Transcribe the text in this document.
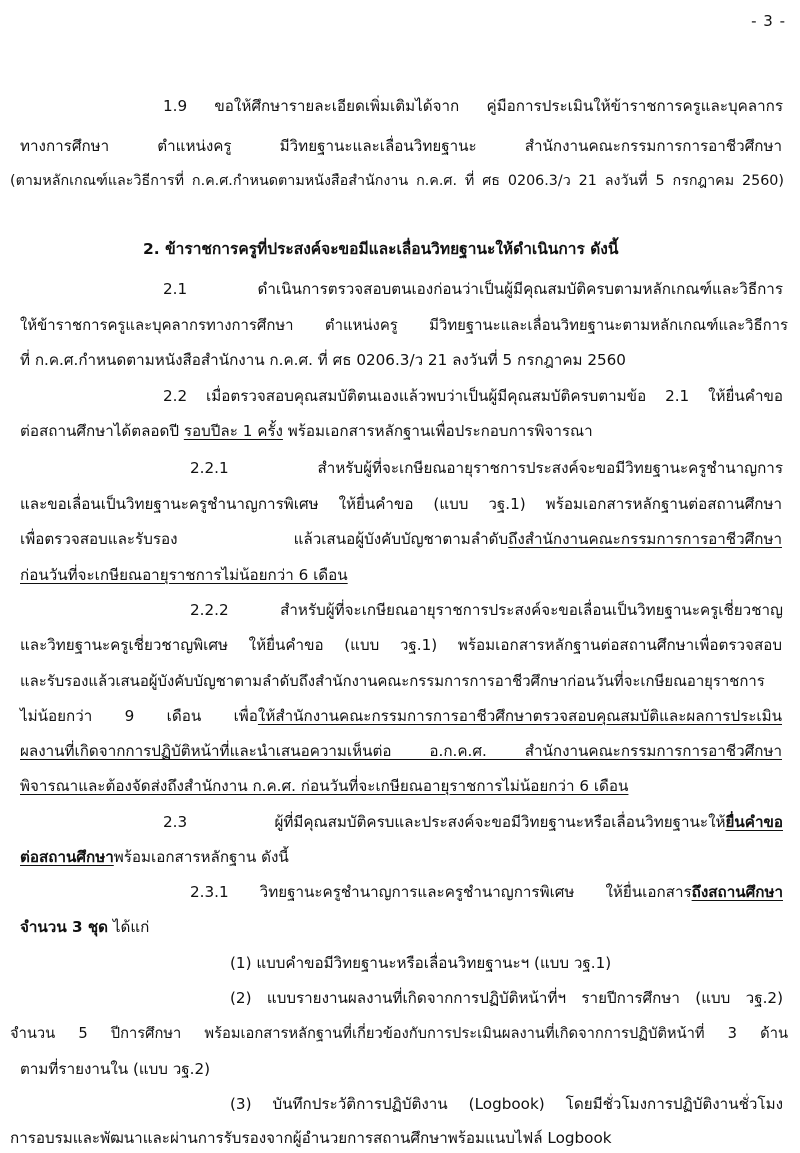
- 3 -
1.9 ขอให้ศึกษารายละเอียดเพิ่มเติมได้จาก คู่มือการประเมินให้ข้าราชการครูและบุคลากร
ทางการศึกษา ตำแหน่งครู มีวิทยฐานะและเลื่อนวิทยฐานะ สำนักงานคณะกรรมการการอาชีวศึกษา
(ตามหลักเกณฑ์และวิธีการที่ ก.ค.ศ.กำหนดตามหนังสือสำนักงาน ก.ค.ศ. ที่ ศธ 0206.3/ว 21 ลงวันที่ 5 กรกฎาคม 2560)
2. ข้าราชการครูที่ประสงค์จะขอมีและเลื่อนวิทยฐานะให้ดำเนินการ ดังนี้
2.1 ดำเนินการตรวจสอบตนเองก่อนว่าเป็นผู้มีคุณสมบัติครบตามหลักเกณฑ์และวิธีการ
ให้ข้าราชการครูและบุคลากรทางการศึกษา ตำแหน่งครู มีวิทยฐานะและเลื่อนวิทยฐานะตามหลักเกณฑ์และวิธีการ
ที่ ก.ค.ศ.กำหนดตามหนังสือสำนักงาน ก.ค.ศ. ที่ ศธ 0206.3/ว 21 ลงวันที่ 5 กรกฎาคม 2560
2.2 เมื่อตรวจสอบคุณสมบัติตนเองแล้วพบว่าเป็นผู้มีคุณสมบัติครบตามข้อ 2.1 ให้ยื่นคำขอ
ต่อสถานศึกษาได้ตลอดปี รอบปีละ 1 ครั้ง พร้อมเอกสารหลักฐานเพื่อประกอบการพิจารณา
2.2.1 สำหรับผู้ที่จะเกษียณอายุราชการประสงค์จะขอมีวิทยฐานะครูชำนาญการ
และขอเลื่อนเป็นวิทยฐานะครูชำนาญการพิเศษ ให้ยื่นคำขอ (แบบ วฐ.1) พร้อมเอกสารหลักฐานต่อสถานศึกษา
เพื่อตรวจสอบและรับรอง แล้วเสนอผู้บังคับบัญชาตามลำดับถึงสำนักงานคณะกรรมการการอาชีวศึกษา
ก่อนวันที่จะเกษียณอายุราชการไม่น้อยกว่า 6 เดือน
2.2.2 สำหรับผู้ที่จะเกษียณอายุราชการประสงค์จะขอเลื่อนเป็นวิทยฐานะครูเชี่ยวชาญ
และวิทยฐานะครูเชี่ยวชาญพิเศษ ให้ยื่นคำขอ (แบบ วฐ.1) พร้อมเอกสารหลักฐานต่อสถานศึกษาเพื่อตรวจสอบ
และรับรองแล้วเสนอผู้บังคับบัญชาตามลำดับถึงสำนักงานคณะกรรมการการอาชีวศึกษาก่อนวันที่จะเกษียณอายุราชการ
ไม่น้อยกว่า 9 เดือน เพื่อให้สำนักงานคณะกรรมการการอาชีวศึกษาตรวจสอบคุณสมบัติและผลการประเมิน
ผลงานที่เกิดจากการปฏิบัติหน้าที่และนำเสนอความเห็นต่อ อ.ก.ค.ศ. สำนักงานคณะกรรมการการอาชีวศึกษา
พิจารณาและต้องจัดส่งถึงสำนักงาน ก.ค.ศ. ก่อนวันที่จะเกษียณอายุราชการไม่น้อยกว่า 6 เดือน
2.3 ผู้ที่มีคุณสมบัติครบและประสงค์จะขอมีวิทยฐานะหรือเลื่อนวิทยฐานะให้ยื่นคำขอ
ต่อสถานศึกษาพร้อมเอกสารหลักฐาน ดังนี้
2.3.1 วิทยฐานะครูชำนาญการและครูชำนาญการพิเศษ ให้ยื่นเอกสารถึงสถานศึกษา
จำนวน 3 ชุด ได้แก่
(1) แบบคำขอมีวิทยฐานะหรือเลื่อนวิทยฐานะฯ (แบบ วฐ.1)
(2) แบบรายงานผลงานที่เกิดจากการปฏิบัติหน้าที่ฯ รายปีการศึกษา (แบบ วฐ.2)
จำนวน 5 ปีการศึกษา พร้อมเอกสารหลักฐานที่เกี่ยวข้องกับการประเมินผลงานที่เกิดจากการปฏิบัติหน้าที่ 3 ด้าน
ตามที่รายงานใน (แบบ วฐ.2)
(3) บันทึกประวัติการปฏิบัติงาน (Logbook) โดยมีชั่วโมงการปฏิบัติงานชั่วโมง
การอบรมและพัฒนาและผ่านการรับรองจากผู้อำนวยการสถานศึกษาพร้อมแนบไฟล์ Logbook
